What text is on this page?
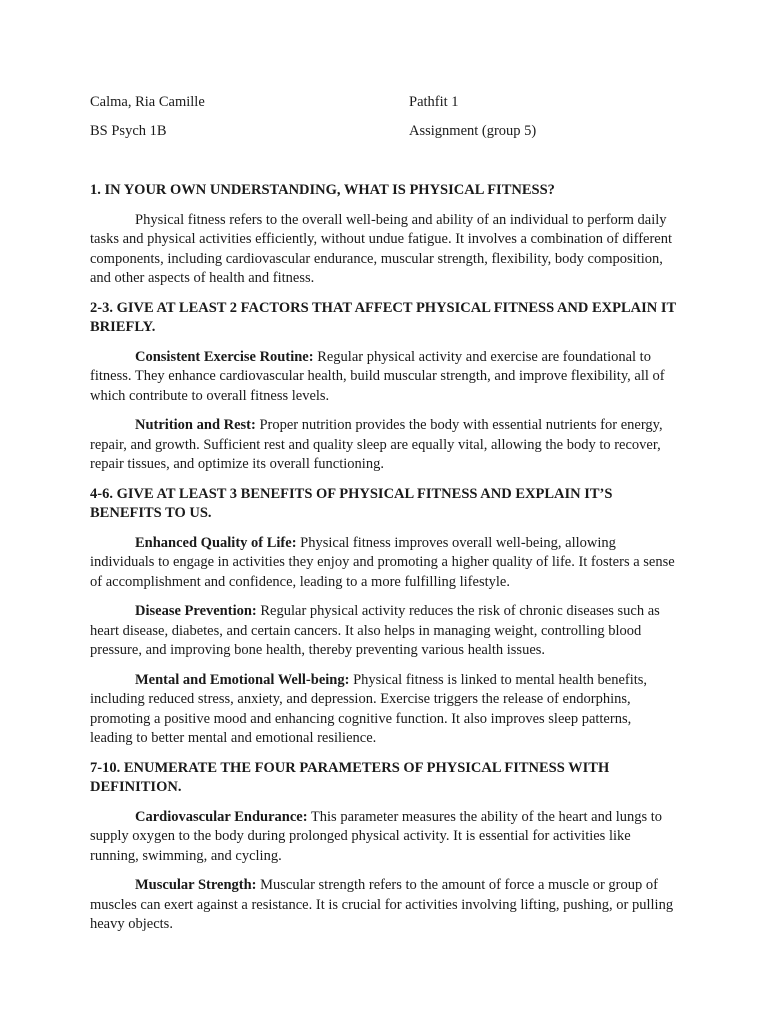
Calma, Ria Camille	Pathfit 1
BS Psych 1B	Assignment (group 5)

1. IN YOUR OWN UNDERSTANDING, WHAT IS PHYSICAL FITNESS?

Physical fitness refers to the overall well-being and ability of an individual to perform daily tasks and physical activities efficiently, without undue fatigue. It involves a combination of different components, including cardiovascular endurance, muscular strength, flexibility, body composition, and other aspects of health and fitness.

2-3. GIVE AT LEAST 2 FACTORS THAT AFFECT PHYSICAL FITNESS AND EXPLAIN IT BRIEFLY.

Consistent Exercise Routine: Regular physical activity and exercise are foundational to fitness. They enhance cardiovascular health, build muscular strength, and improve flexibility, all of which contribute to overall fitness levels.

Nutrition and Rest: Proper nutrition provides the body with essential nutrients for energy, repair, and growth. Sufficient rest and quality sleep are equally vital, allowing the body to recover, repair tissues, and optimize its overall functioning.

4-6. GIVE AT LEAST 3 BENEFITS OF PHYSICAL FITNESS AND EXPLAIN IT’S BENEFITS TO US.

Enhanced Quality of Life: Physical fitness improves overall well-being, allowing individuals to engage in activities they enjoy and promoting a higher quality of life. It fosters a sense of accomplishment and confidence, leading to a more fulfilling lifestyle.

Disease Prevention: Regular physical activity reduces the risk of chronic diseases such as heart disease, diabetes, and certain cancers. It also helps in managing weight, controlling blood pressure, and improving bone health, thereby preventing various health issues.

Mental and Emotional Well-being: Physical fitness is linked to mental health benefits, including reduced stress, anxiety, and depression. Exercise triggers the release of endorphins, promoting a positive mood and enhancing cognitive function. It also improves sleep patterns, leading to better mental and emotional resilience.

7-10. ENUMERATE THE FOUR PARAMETERS OF PHYSICAL FITNESS WITH DEFINITION.

Cardiovascular Endurance: This parameter measures the ability of the heart and lungs to supply oxygen to the body during prolonged physical activity. It is essential for activities like running, swimming, and cycling.

Muscular Strength: Muscular strength refers to the amount of force a muscle or group of muscles can exert against a resistance. It is crucial for activities involving lifting, pushing, or pulling heavy objects.
